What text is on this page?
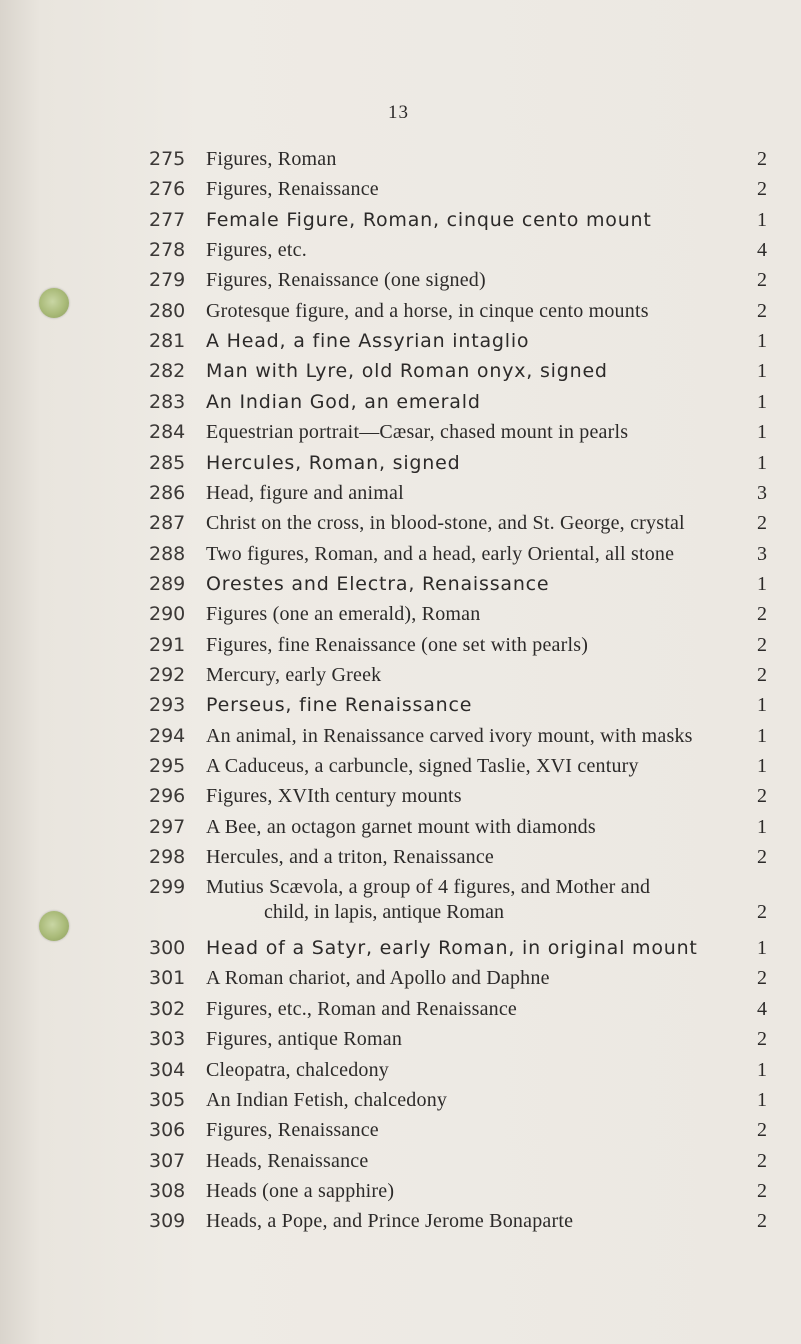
13
275 Figures, Roman	2
276 Figures, Renaissance	2
277 Female Figure, Roman, cinque cento mount	1
278 Figures, etc.	4
279 Figures, Renaissance (one signed)	2
280 Grotesque figure, and a horse, in cinque cento mounts	2
281 A Head, a fine Assyrian intaglio	1
282 Man with Lyre, old Roman onyx, signed	1
283 An Indian God, an emerald	1
284 Equestrian portrait—Cæsar, chased mount in pearls	1
285 Hercules, Roman, signed	1
286 Head, figure and animal	3
287 Christ on the cross, in blood-stone, and St. George, crystal	2
288 Two figures, Roman, and a head, early Oriental, all stone	3
289 Orestes and Electra, Renaissance	1
290 Figures (one an emerald), Roman	2
291 Figures, fine Renaissance (one set with pearls)	2
292 Mercury, early Greek	2
293 Perseus, fine Renaissance	1
294 An animal, in Renaissance carved ivory mount, with masks	1
295 A Caduceus, a carbuncle, signed Taslie, XVI century	1
296 Figures, XVIth century mounts	2
297 A Bee, an octagon garnet mount with diamonds	1
298 Hercules, and a triton, Renaissance	2
299 Mutius Scævola, a group of 4 figures, and Mother and
child, in lapis, antique Roman	2
300 Head of a Satyr, early Roman, in original mount	1
301 A Roman chariot, and Apollo and Daphne	2
302 Figures, etc., Roman and Renaissance	4
303 Figures, antique Roman	2
304 Cleopatra, chalcedony	1
305 An Indian Fetish, chalcedony	1
306 Figures, Renaissance	2
307 Heads, Renaissance	2
308 Heads (one a sapphire)	2
309 Heads, a Pope, and Prince Jerome Bonaparte	2
